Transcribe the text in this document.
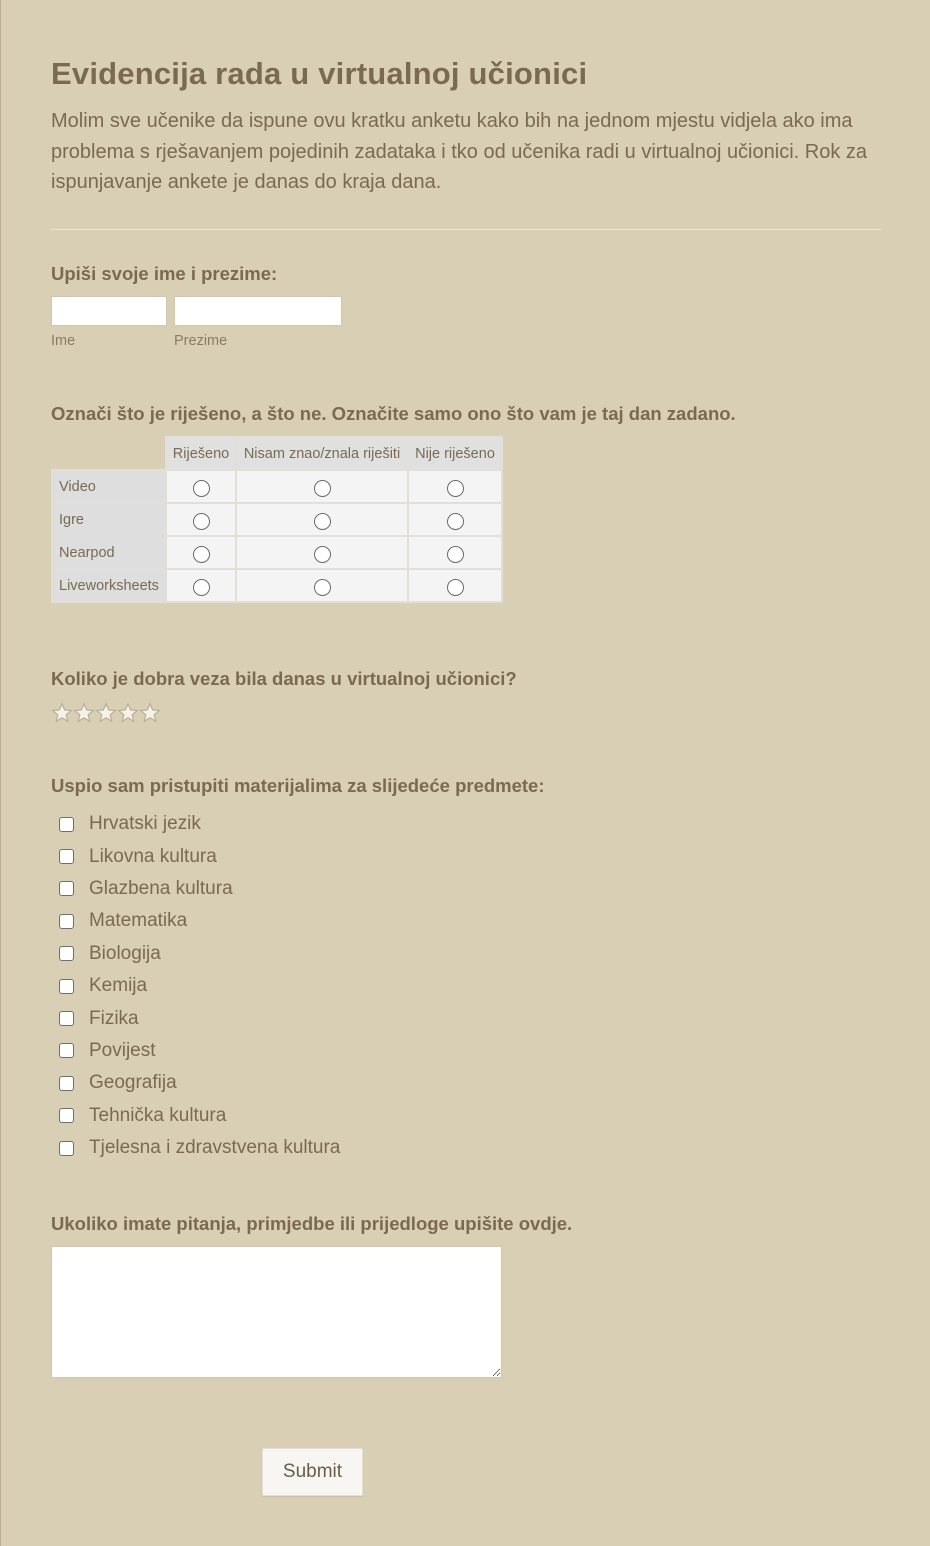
Evidencija rada u virtualnoj učionici

Molim sve učenike da ispune ovu kratku anketu kako bih na jednom mjestu vidjela ako ima problema s rješavanjem pojedinih zadataka i tko od učenika radi u virtualnoj učionici. Rok za ispunjavanje ankete je danas do kraja dana.

Upiši svoje ime i prezime:

Ime	Prezime

Označi što je riješeno, a što ne. Označite samo ono što vam je taj dan zadano.

	Riješeno	Nisam znao/znala riješiti	Nije riješeno
Video			
Igre			
Nearpod			
Liveworksheets			

Koliko je dobra veza bila danas u virtualnoj učionici?

Uspio sam pristupiti materijalima za slijedeće predmete:

Hrvatski jezik
Likovna kultura
Glazbena kultura
Matematika
Biologija
Kemija
Fizika
Povijest
Geografija
Tehnička kultura
Tjelesna i zdravstvena kultura

Ukoliko imate pitanja, primjedbe ili prijedloge upišite ovdje.

Submit
